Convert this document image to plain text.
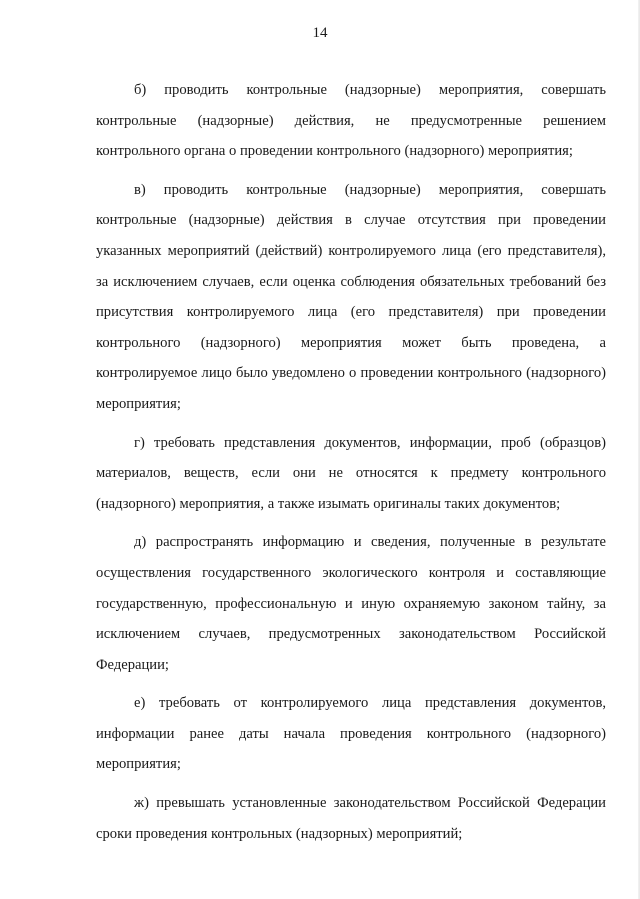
14

б) проводить контрольные (надзорные) мероприятия, совершать контрольные (надзорные) действия, не предусмотренные решением контрольного органа о проведении контрольного (надзорного) мероприятия;

в) проводить контрольные (надзорные) мероприятия, совершать контрольные (надзорные) действия в случае отсутствия при проведении указанных мероприятий (действий) контролируемого лица (его представителя), за исключением случаев, если оценка соблюдения обязательных требований без присутствия контролируемого лица (его представителя) при проведении контрольного (надзорного) мероприятия может быть проведена, а контролируемое лицо было уведомлено о проведении контрольного (надзорного) мероприятия;

г) требовать представления документов, информации, проб (образцов) материалов, веществ, если они не относятся к предмету контрольного (надзорного) мероприятия, а также изымать оригиналы таких документов;

д) распространять информацию и сведения, полученные в результате осуществления государственного экологического контроля и составляющие государственную, профессиональную и иную охраняемую законом тайну, за исключением случаев, предусмотренных законодательством Российской Федерации;

е) требовать от контролируемого лица представления документов, информации ранее даты начала проведения контрольного (надзорного) мероприятия;

ж) превышать установленные законодательством Российской Федерации сроки проведения контрольных (надзорных) мероприятий;
